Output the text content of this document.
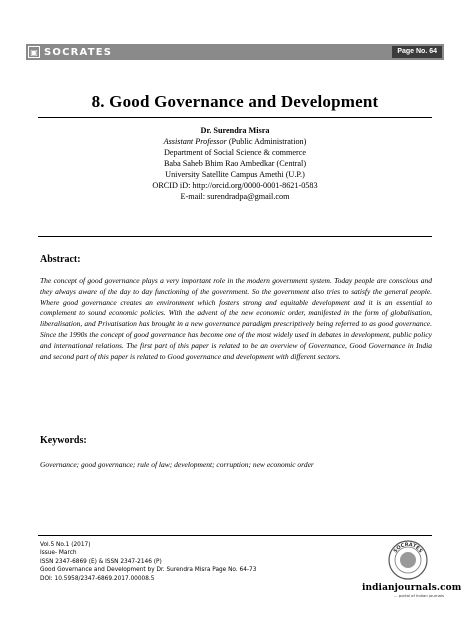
▣ SOCRATES	Page No. 64
8. Good Governance and Development
Dr. Surendra Misra
Assistant Professor (Public Administration)
Department of Social Science & commerce
Baba Saheb Bhim Rao Ambedkar (Central)
University Satellite Campus Amethi (U.P.)
ORCID iD: http://orcid.org/0000-0001-8621-0583
E-mail: surendradpa@gmail.com
Abstract:
The concept of good governance plays a very important role in the modern government system. Today people are conscious and they always aware of the day to day functioning of the government. So the government also tries to satisfy the general people. Where good governance creates an environment which fosters strong and equitable development and it is an essential to complement to sound economic policies. With the advent of the new economic order, manifested in the form of globalisation, liberalisation, and Privatisation has brought in a new governance paradigm prescriptively being referred to as good governance. Since the 1990s the concept of good governance has become one of the most widely used in debates in development, public policy and international relations. The first part of this paper is related to be an overview of Governance, Good Governance in India and second part of this paper is related to Good governance and development with different sectors.
Keywords:
Governance; good governance; rule of law; development; corruption; new economic order
Vol.5 No.1 (2017)
Issue- March
ISSN 2347-6869 (E) & ISSN 2347-2146 (P)
Good Governance and Development by Dr. Surendra Misra Page No. 64-73
DOI: 10.5958/2347-6869.2017.00008.5
SOCRATES
indianjournals.com
... portal of Indian journals
